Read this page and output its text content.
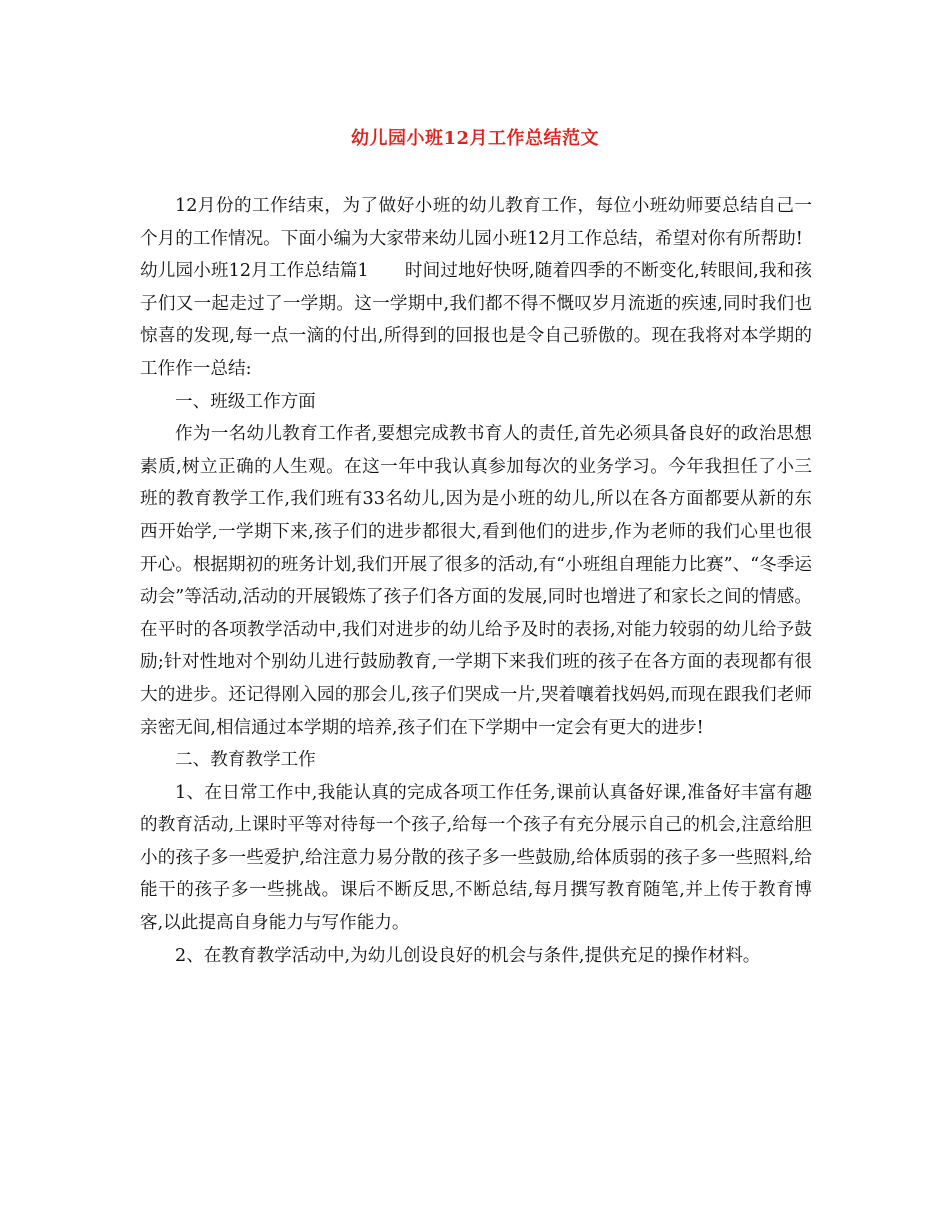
幼儿园小班12月工作总结范文

12月份的工作结束，为了做好小班的幼儿教育工作，每位小班幼师要总结自己一个月的工作情况。下面小编为大家带来幼儿园小班12月工作总结，希望对你有所帮助!

幼儿园小班12月工作总结篇1 时间过地好快呀,随着四季的不断变化,转眼间,我和孩子们又一起走过了一学期。这一学期中,我们都不得不慨叹岁月流逝的疾速,同时我们也惊喜的发现,每一点一滴的付出,所得到的回报也是令自己骄傲的。现在我将对本学期的工作作一总结:

一、班级工作方面

作为一名幼儿教育工作者,要想完成教书育人的责任,首先必须具备良好的政治思想素质,树立正确的人生观。在这一年中我认真参加每次的业务学习。今年我担任了小三班的教育教学工作,我们班有33名幼儿,因为是小班的幼儿,所以在各方面都要从新的东西开始学,一学期下来,孩子们的进步都很大,看到他们的进步,作为老师的我们心里也很开心。根据期初的班务计划,我们开展了很多的活动,有“小班组自理能力比赛”、“冬季运动会”等活动,活动的开展锻炼了孩子们各方面的发展,同时也增进了和家长之间的情感。在平时的各项教学活动中,我们对进步的幼儿给予及时的表扬,对能力较弱的幼儿给予鼓励;针对性地对个别幼儿进行鼓励教育,一学期下来我们班的孩子在各方面的表现都有很大的进步。还记得刚入园的那会儿,孩子们哭成一片,哭着嚷着找妈妈,而现在跟我们老师亲密无间,相信通过本学期的培养,孩子们在下学期中一定会有更大的进步!

二、教育教学工作

1、在日常工作中,我能认真的完成各项工作任务,课前认真备好课,准备好丰富有趣的教育活动,上课时平等对待每一个孩子,给每一个孩子有充分展示自己的机会,注意给胆小的孩子多一些爱护,给注意力易分散的孩子多一些鼓励,给体质弱的孩子多一些照料,给能干的孩子多一些挑战。课后不断反思,不断总结,每月撰写教育随笔,并上传于教育博客,以此提高自身能力与写作能力。

2、在教育教学活动中,为幼儿创设良好的机会与条件,提供充足的操作材料。
